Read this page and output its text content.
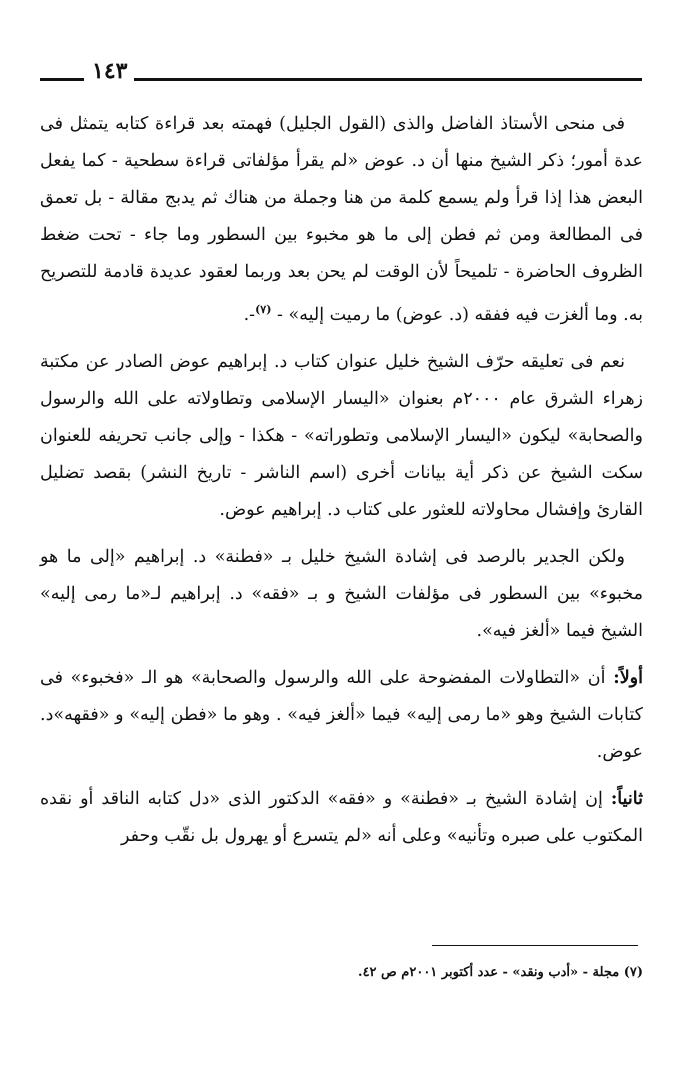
١٤٣

فى منحى الأستاذ الفاضل والذى (القول الجليل) فهمته بعد قراءة كتابه يتمثل فى عدة أمور؛ ذكر الشيخ منها أن د. عوض «لم يقرأ مؤلفاتى قراءة سطحية - كما يفعل البعض هذا إذا قرأ ولم يسمع كلمة من هنا وجملة من هناك ثم يدبج مقالة - بل تعمق فى المطالعة ومن ثم فطن إلى ما هو مخبوء بين السطور وما جاء - تحت ضغط الظروف الحاضرة - تلميحاً لأن الوقت لم يحن بعد وربما لعقود عديدة قادمة للتصريح به. وما ألغزت فيه ففقه (د. عوض) ما رميت إليه» - $^{(٧)}$-.

نعم فى تعليقه حرّف الشيخ خليل عنوان كتاب د. إبراهيم عوض الصادر عن مكتبة زهراء الشرق عام ٢٠٠٠م بعنوان «اليسار الإسلامى وتطاولاته على الله والرسول والصحابة» ليكون «اليسار الإسلامى وتطوراته» - هكذا - وإلى جانب تحريفه للعنوان سكت الشيخ عن ذكر أية بيانات أخرى (اسم الناشر - تاريخ النشر) بقصد تضليل القارئ وإفشال محاولاته للعثور على كتاب د. إبراهيم عوض.

ولكن الجدير بالرصد فى إشادة الشيخ خليل بـ «فطنة» د. إبراهيم «إلى ما هو مخبوء» بين السطور فى مؤلفات الشيخ و بـ «فقه» د. إبراهيم لـ«ما رمى إليه» الشيخ فيما «ألغز فيه».

أولاً: أن «التطاولات المفضوحة على الله والرسول والصحابة» هو الـ «فخبوء» فى كتابات الشيخ وهو «ما رمى إليه» فيما «ألغز فيه» . وهو ما «فطن إليه» و «فقهه»د. عوض.

ثانياً: إن إشادة الشيخ بـ «فطنة» و «فقه» الدكتور الذى «دل كتابه الناقد أو نقده المكتوب على صبره وتأنيه» وعلى أنه «لم يتسرع أو يهرول بل نقّب وحفر

(٧) مجلة - «أدب ونقد» - عدد أكتوبر ٢٠٠١م ص ٤٢.
